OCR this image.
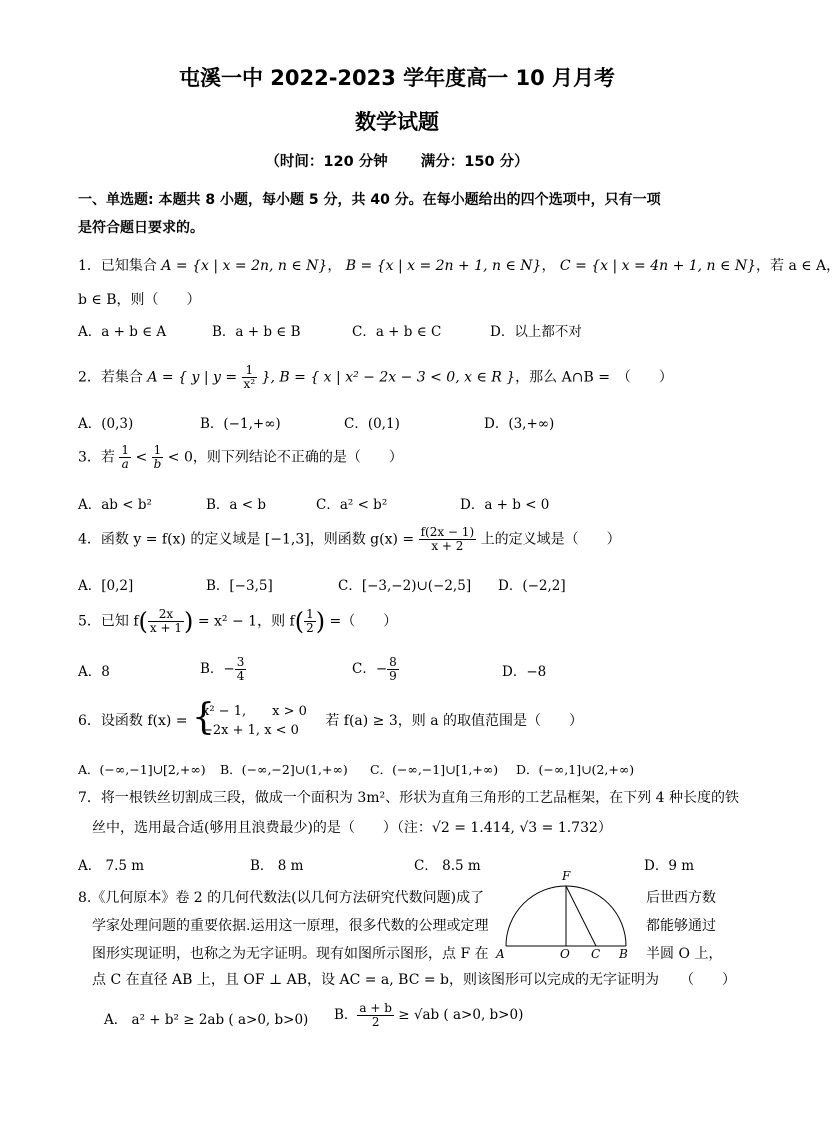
屯溪一中 2022-2023 学年度高一 10 月月考
数学试题
（时间：120 分钟 满分：150 分）
一、单选题: 本题共 8 小题，每小题 5 分，共 40 分。在每小题给出的四个选项中，只有一项
是符合题日要求的。
1．已知集合 A = {x | x = 2n, n ∈ N}， B = {x | x = 2n + 1, n ∈ N}， C = {x | x = 4n + 1, n ∈ N}，若 a ∈ A，
b ∈ B，则（　　）
A．a + b ∈ A	B．a + b ∈ B	C．a + b ∈ C	D．以上都不对
2．若集合 A = { y | $y = \frac{1}{\text{x²}}$ }, B = { x | x² − 2x − 3 < 0, x ∈ R }，那么 A∩B =　（　　）
A．(0,3)	B．(−1,+∞)	C．(0,1)	D．(3,+∞)
3．若 $\frac{1}{a} < \frac{1}{b} < 0$，则下列结论不正确的是（　　）
A．ab < b²	B．a < b	C．a² < b²	D．a + b < 0
4．函数 y = f(x) 的定义域是 [−1,3]，则函数 $g(x) = \frac{f(2x - 1)}{x + 2}$ 上的定义域是（　　）
A．[0,2]	B．[−3,5]	C．[−3,−2)∪(−2,5] D．(−2,2]
5．已知 $f( \frac{2x}{x + 1}$ ) = x² − 1，则 $f( \frac{1}{2}$ ) =（　　）
A．8	B．− $\frac{3}{4}$	C．− $\frac{8}{9}$	D．−8
6．设函数 f(x) = {
x² − 1,　　x > 0
−2x + 1, x < 0
若 f(a) ≥ 3，则 a 的取值范围是（　　）
A．(−∞,−1]∪[2,+∞) B．(−∞,−2]∪(1,+∞) C．(−∞,−1]∪[1,+∞) D．(−∞,1]∪(2,+∞)
7．将一根铁丝切割成三段，做成一个面积为 3m²、形状为直角三角形的工艺品框架，在下列 4 种长度的铁
丝中，选用最合适(够用且浪费最少)的是（　　）（注：√2 = 1.414, √3 = 1.732）
A． 7.5 m	B． 8 m	C． 8.5 m	D．9 m
8.《几何原本》卷 2 的几何代数法(以几何方法研究代数问题)成了	后世西方数
学家处理问题的重要依据.运用这一原理，很多代数的公理或定理	都能够通过
图形实现证明，也称之为无字证明。现有如图所示图形，点 F 在	半圆 O 上，
点 C 在直径 AB 上，且 OF ⊥ AB，设 AC = a, BC = b，则该图形可以完成的无字证明为　　（　　）
F
A	O C B
A． a² + b² ≥ 2ab ( a>0, b>0) B． $\frac{a + b}{2} \ge √ab$ ( a>0, b>0)
